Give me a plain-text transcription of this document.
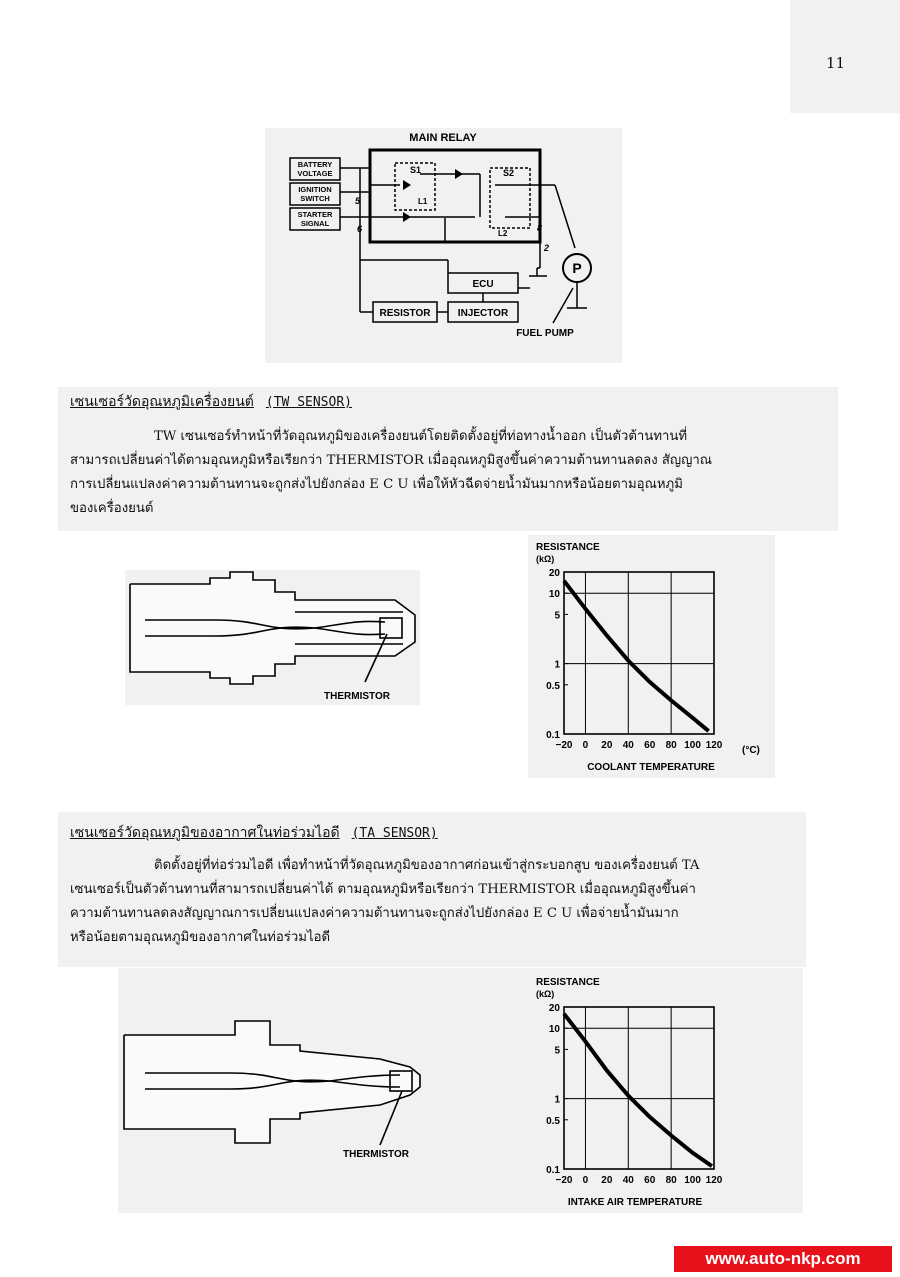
11
MAIN RELAY
BATTERY
VOLTAGE
IGNITION
SWITCH
STARTER
SIGNAL
S1	S2
L1
L2
5
6	8
2
ECU
RESISTOR	INJECTOR
P
FUEL PUMP
เซนเซอร์วัดอุณหภูมิเครื่องยนต์ (TW SENSOR)

TW เซนเซอร์ทำหน้าที่วัดอุณหภูมิของเครื่องยนต์โดยติดตั้งอยู่ที่ท่อทางน้ำออก เป็นตัวต้านทานที่

สามารถเปลี่ยนค่าได้ตามอุณหภูมิหรือเรียกว่า THERMISTOR เมื่ออุณหภูมิสูงขึ้นค่าความต้านทานลดลง สัญญาณ

การเปลี่ยนแปลงค่าความต้านทานจะถูกส่งไปยังกล่อง E C U เพื่อให้หัวฉีดจ่ายน้ำมันมากหรือน้อยตามอุณหภูมิ

ของเครื่องยนต์

THERMISTOR
RESISTANCE
(kΩ)
20
10
5
1
0.5
0.1
−20 0 20 40 60 80 100 120 (°C)
COOLANT TEMPERATURE
เซนเซอร์วัดอุณหภูมิของอากาศในท่อร่วมไอดี (TA SENSOR)

ติดตั้งอยู่ที่ท่อร่วมไอดี เพื่อทำหน้าที่วัดอุณหภูมิของอากาศก่อนเข้าสู่กระบอกสูบ ของเครื่องยนต์ TA

เซนเซอร์เป็นตัวต้านทานที่สามารถเปลี่ยนค่าได้ ตามอุณหภูมิหรือเรียกว่า THERMISTOR เมื่ออุณหภูมิสูงขึ้นค่า

ความต้านทานลดลงสัญญาณการเปลี่ยนแปลงค่าความต้านทานจะถูกส่งไปยังกล่อง E C U เพื่อจ่ายน้ำมันมาก

หรือน้อยตามอุณหภูมิของอากาศในท่อร่วมไอดี

THERMISTOR
RESISTANCE
(kΩ)
20
10
5
1
0.5
0.1
−20 0 20 40 60 80 100 120
INTAKE AIR TEMPERATURE
www.auto-nkp.com
